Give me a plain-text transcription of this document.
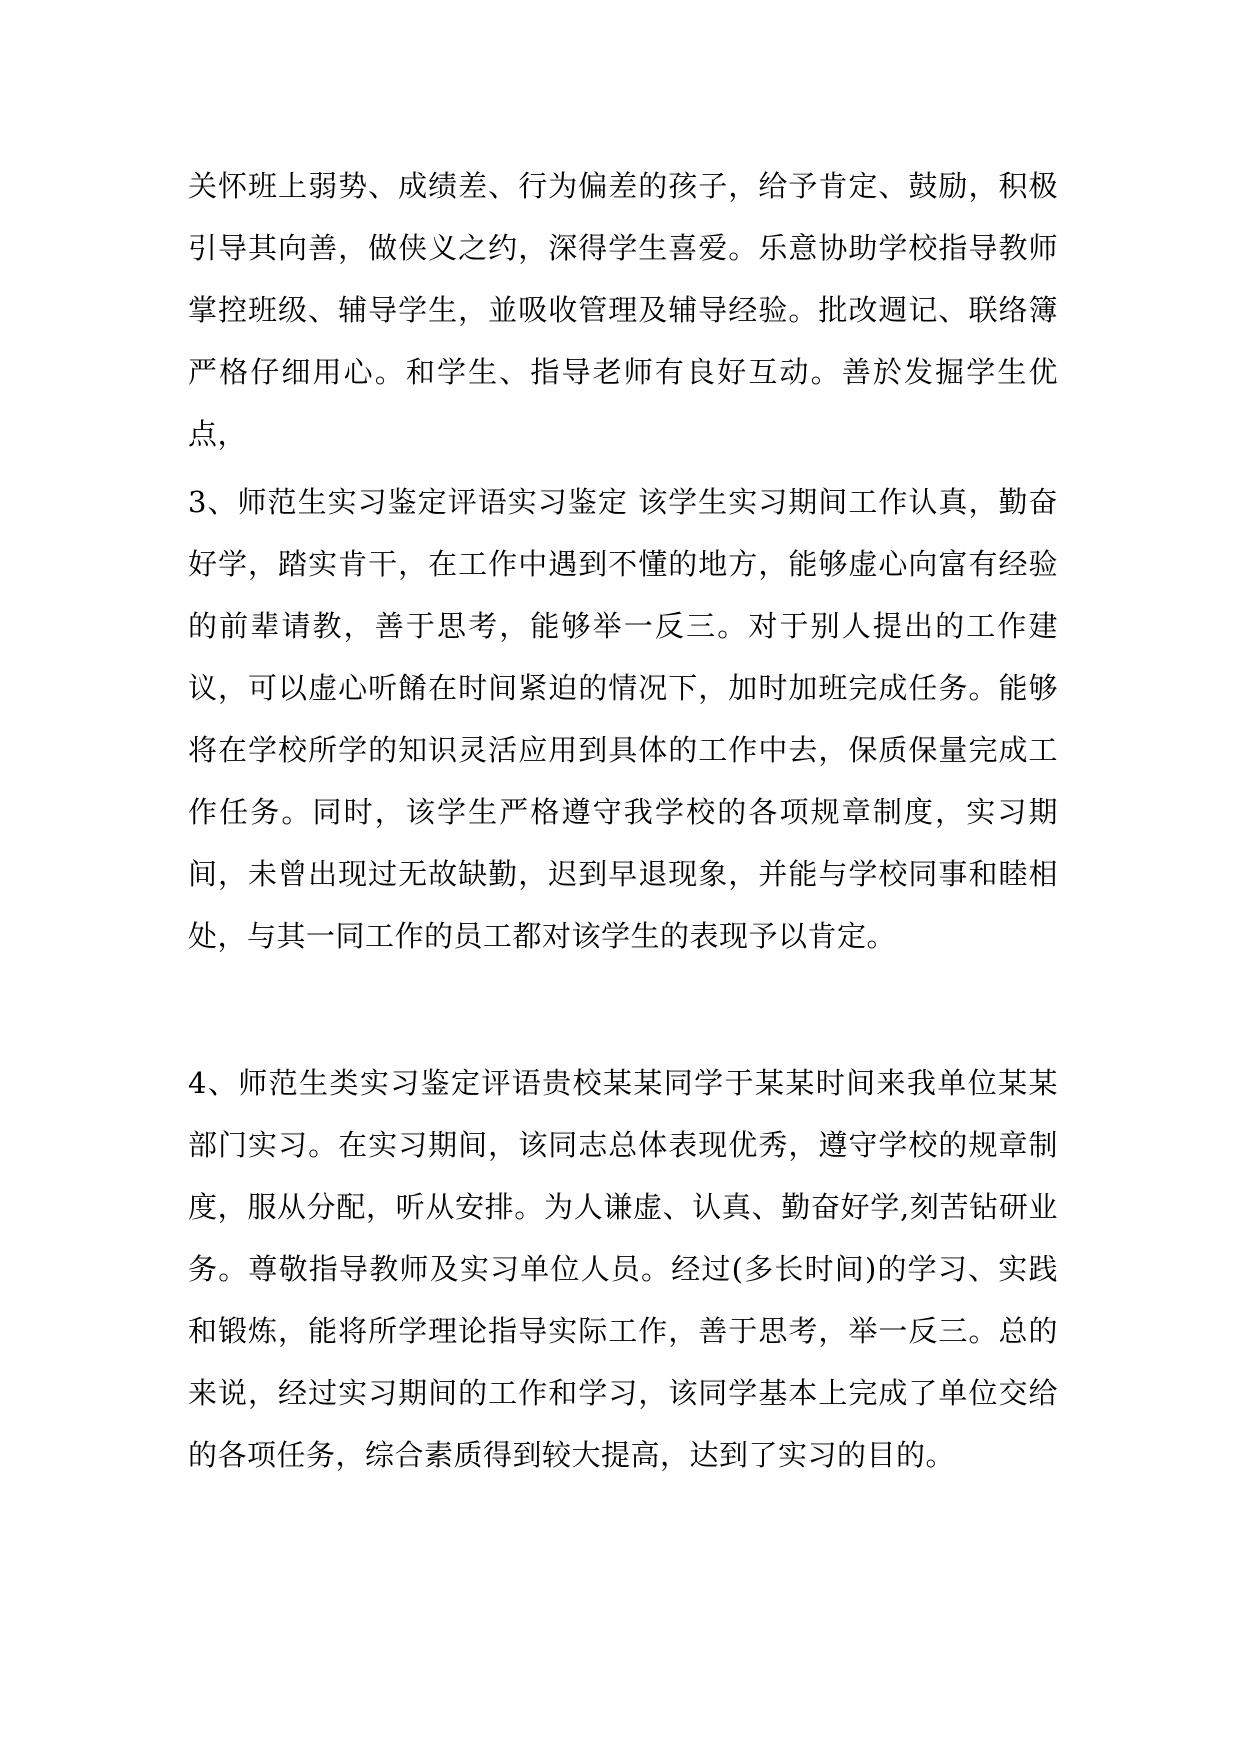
关怀班上弱势、成绩差、行为偏差的孩子，给予肯定、鼓励，积极引导其向善，做侠义之约，深得学生喜爱。乐意协助学校指导教师掌控班级、辅导学生，並吸收管理及辅导经验。批改週记、联络簿严格仔细用心。和学生、指导老师有良好互动。善於发掘学生优点，

3、师范生实习鉴定评语实习鉴定 该学生实习期间工作认真，勤奋好学，踏实肯干，在工作中遇到不懂的地方，能够虚心向富有经验的前辈请教，善于思考，能够举一反三。对于别人提出的工作建议，可以虚心听餚在时间紧迫的情况下，加时加班完成任务。能够将在学校所学的知识灵活应用到具体的工作中去，保质保量完成工作任务。同时，该学生严格遵守我学校的各项规章制度，实习期间，未曾出现过无故缺勤，迟到早退现象，并能与学校同事和睦相处，与其一同工作的员工都对该学生的表现予以肯定。

4、师范生类实习鉴定评语贵校某某同学于某某时间来我单位某某部门实习。在实习期间，该同志总体表现优秀，遵守学校的规章制度，服从分配，听从安排。为人谦虚、认真、勤奋好学,刻苦钻研业务。尊敬指导教师及实习单位人员。经过(多长时间)的学习、实践和锻炼，能将所学理论指导实际工作，善于思考，举一反三。总的来说，经过实习期间的工作和学习，该同学基本上完成了单位交给的各项任务，综合素质得到较大提高，达到了实习的目的。
